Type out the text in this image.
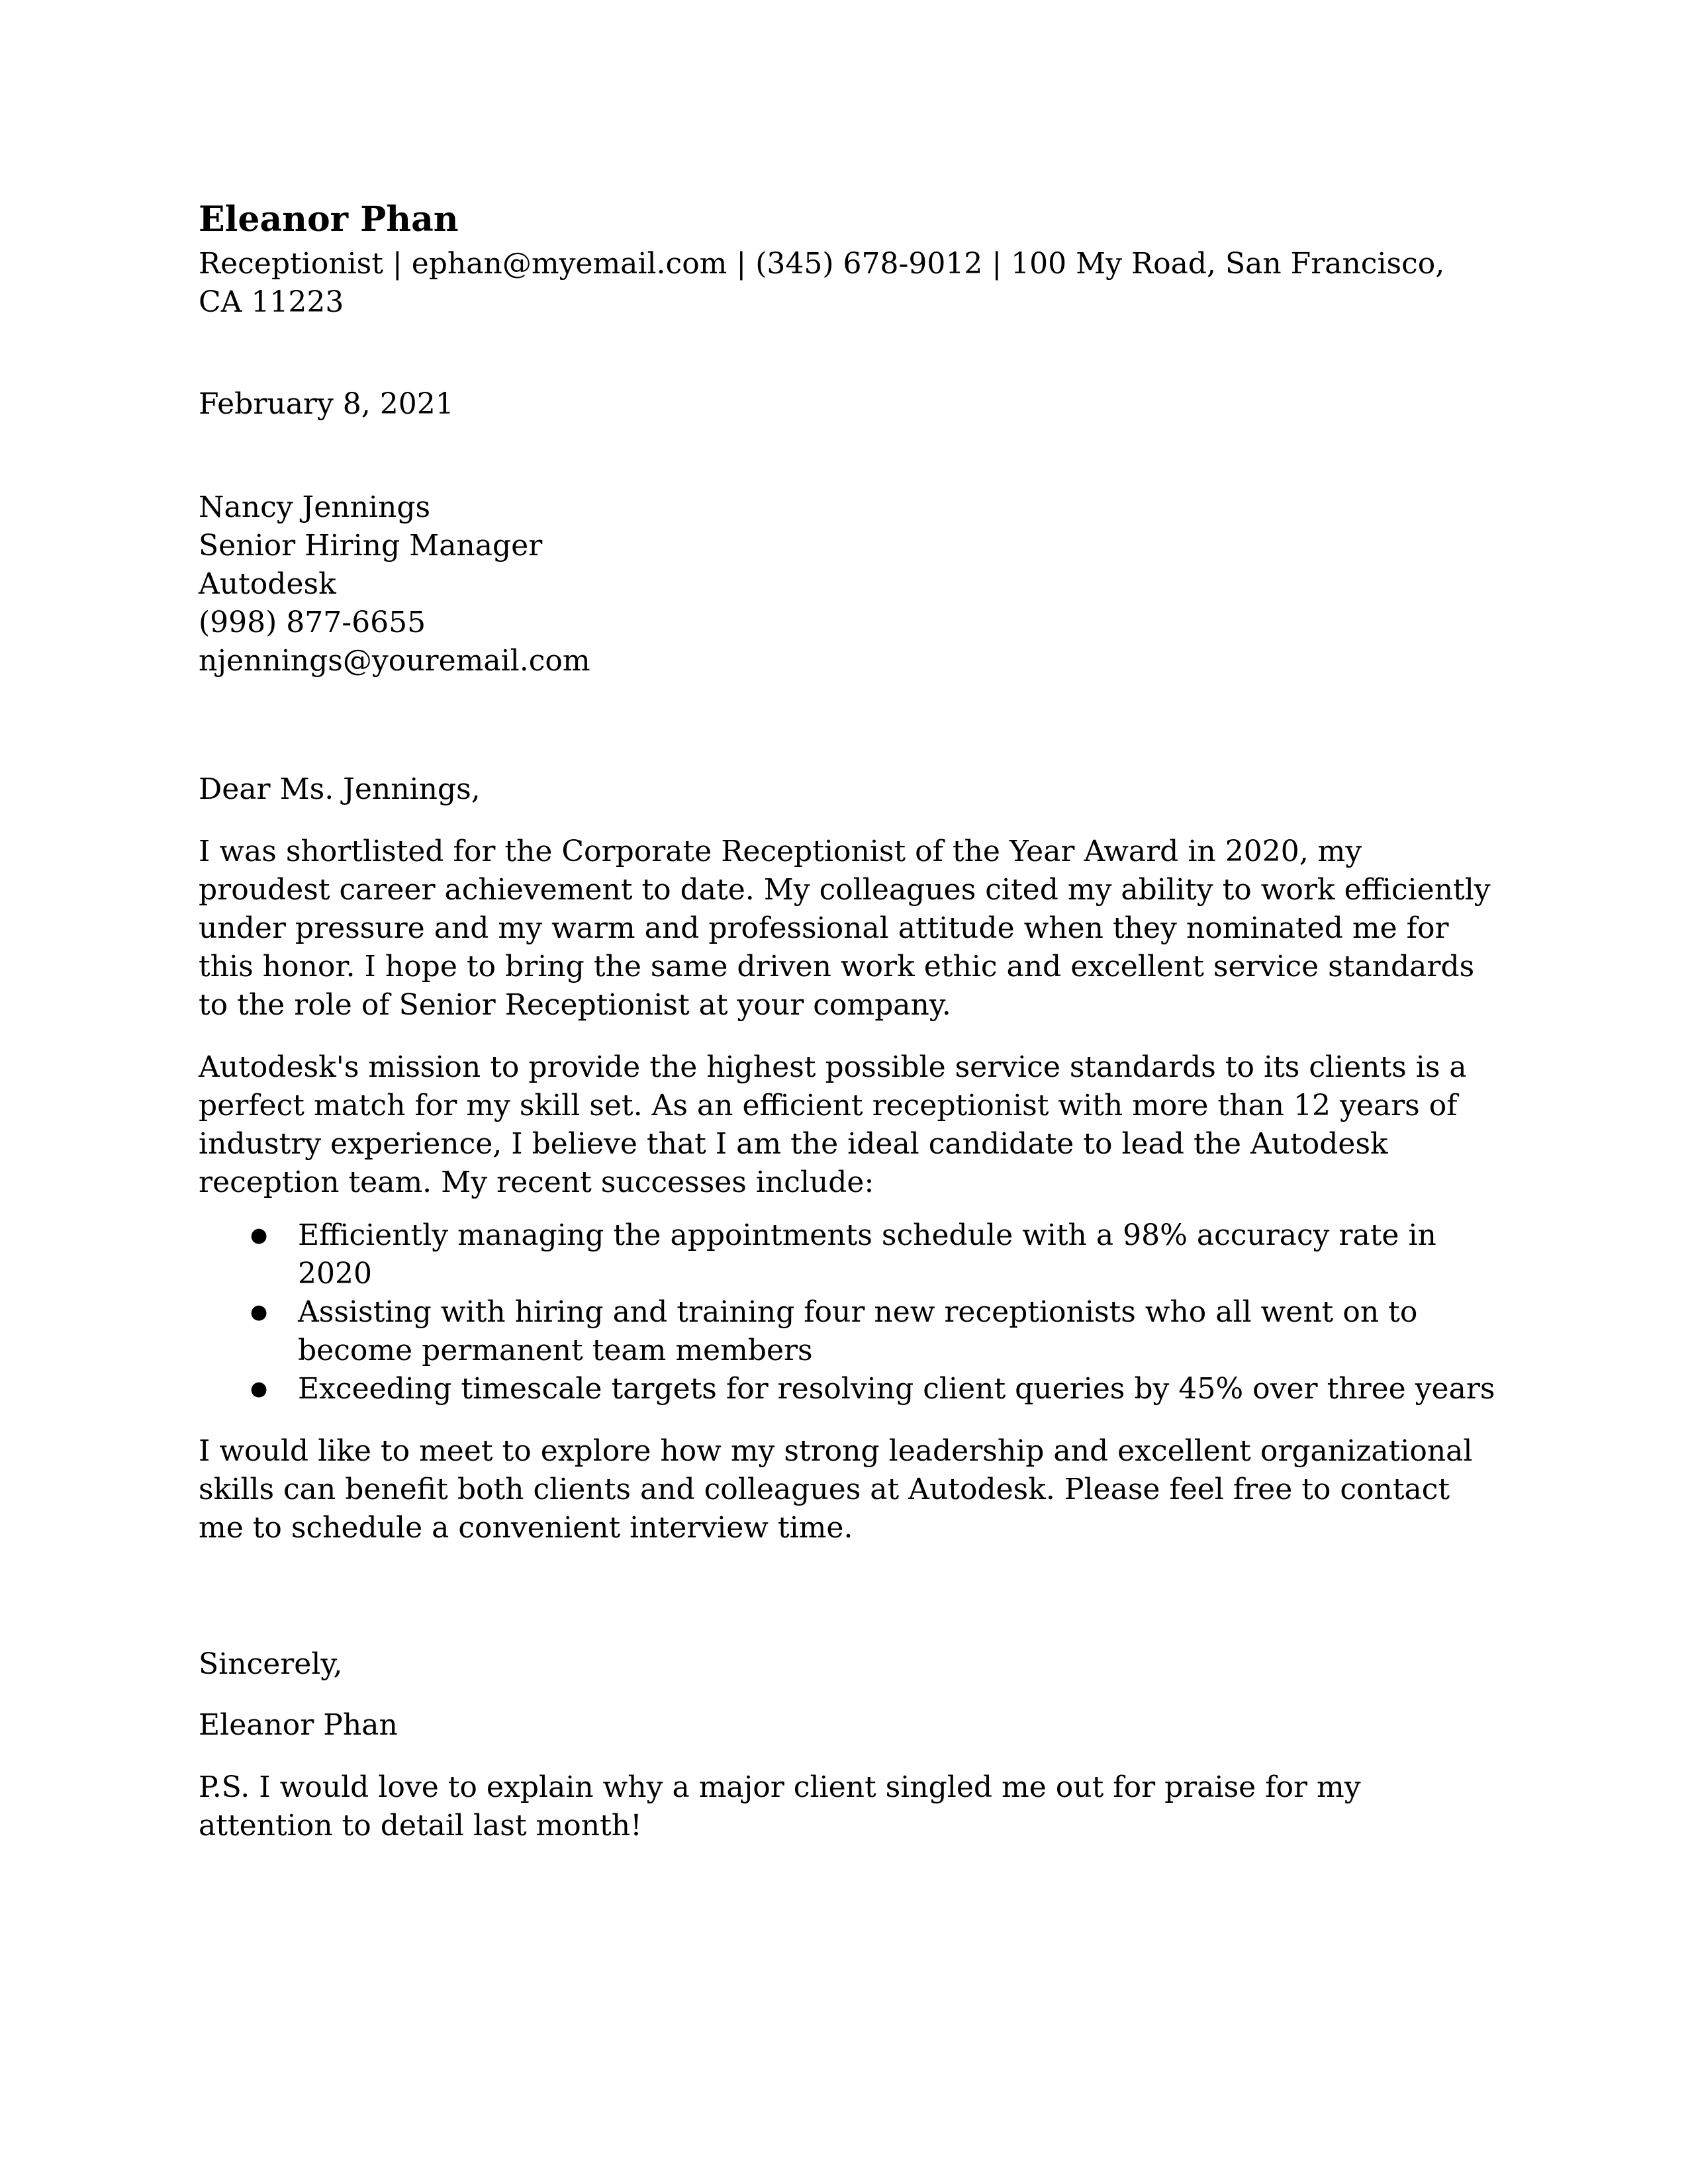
Eleanor Phan

Receptionist | ephan@myemail.com | (345) 678-9012 | 100 My Road, San Francisco, CA 11223

February 8, 2021

Nancy Jennings
Senior Hiring Manager
Autodesk
(998) 877-6655
njennings@youremail.com

Dear Ms. Jennings,

I was shortlisted for the Corporate Receptionist of the Year Award in 2020, my proudest career achievement to date. My colleagues cited my ability to work efficiently under pressure and my warm and professional attitude when they nominated me for this honor. I hope to bring the same driven work ethic and excellent service standards to the role of Senior Receptionist at your company.

Autodesk's mission to provide the highest possible service standards to its clients is a perfect match for my skill set. As an efficient receptionist with more than 12 years of industry experience, I believe that I am the ideal candidate to lead the Autodesk reception team. My recent successes include:

● Efficiently managing the appointments schedule with a 98% accuracy rate in 2020
● Assisting with hiring and training four new receptionists who all went on to become permanent team members
● Exceeding timescale targets for resolving client queries by 45% over three years

I would like to meet to explore how my strong leadership and excellent organizational skills can benefit both clients and colleagues at Autodesk. Please feel free to contact me to schedule a convenient interview time.

Sincerely,

Eleanor Phan

P.S. I would love to explain why a major client singled me out for praise for my attention to detail last month!
